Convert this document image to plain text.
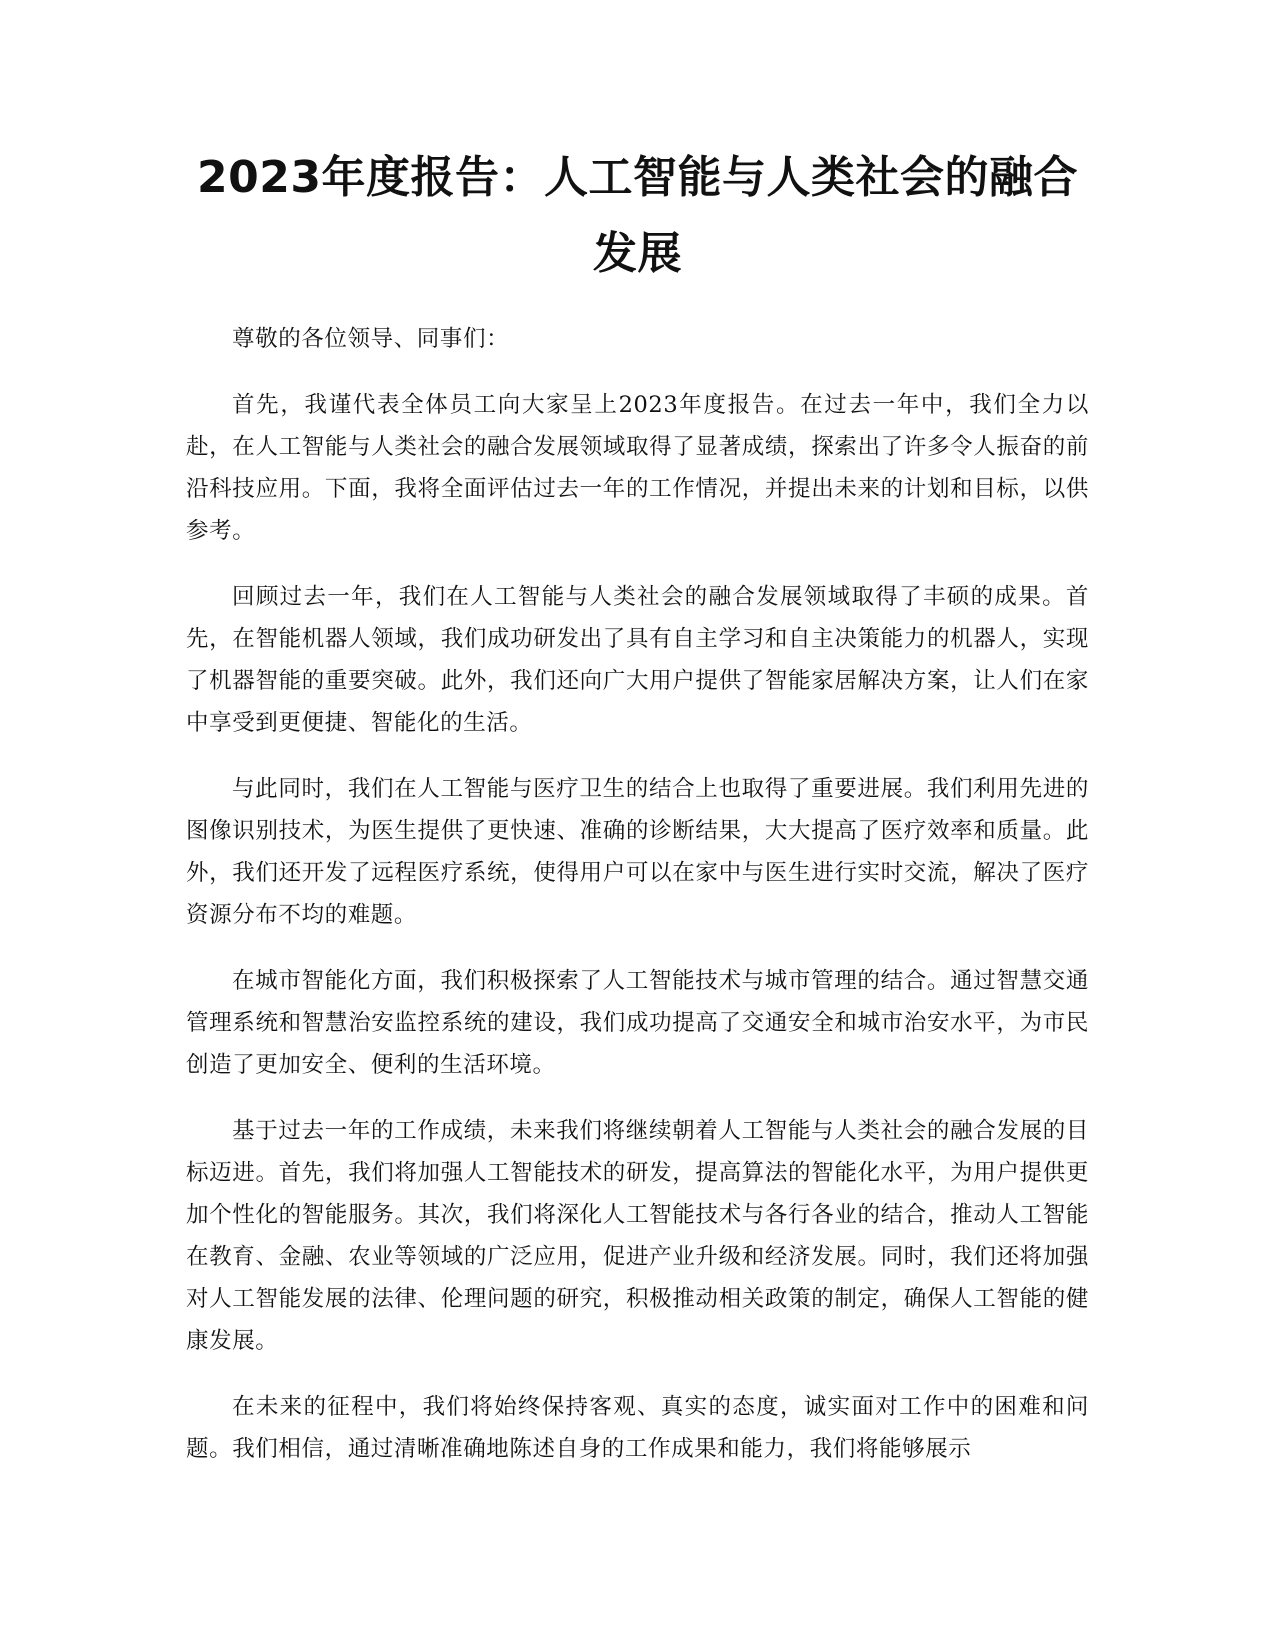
2023年度报告：人工智能与人类社会的融合发展

尊敬的各位领导、同事们：

首先，我谨代表全体员工向大家呈上2023年度报告。在过去一年中，我们全力以赴，在人工智能与人类社会的融合发展领域取得了显著成绩，探索出了许多令人振奋的前沿科技应用。下面，我将全面评估过去一年的工作情况，并提出未来的计划和目标，以供参考。

回顾过去一年，我们在人工智能与人类社会的融合发展领域取得了丰硕的成果。首先，在智能机器人领域，我们成功研发出了具有自主学习和自主决策能力的机器人，实现了机器智能的重要突破。此外，我们还向广大用户提供了智能家居解决方案，让人们在家中享受到更便捷、智能化的生活。

与此同时，我们在人工智能与医疗卫生的结合上也取得了重要进展。我们利用先进的图像识别技术，为医生提供了更快速、准确的诊断结果，大大提高了医疗效率和质量。此外，我们还开发了远程医疗系统，使得用户可以在家中与医生进行实时交流，解决了医疗资源分布不均的难题。

在城市智能化方面，我们积极探索了人工智能技术与城市管理的结合。通过智慧交通管理系统和智慧治安监控系统的建设，我们成功提高了交通安全和城市治安水平，为市民创造了更加安全、便利的生活环境。

基于过去一年的工作成绩，未来我们将继续朝着人工智能与人类社会的融合发展的目标迈进。首先，我们将加强人工智能技术的研发，提高算法的智能化水平，为用户提供更加个性化的智能服务。其次，我们将深化人工智能技术与各行各业的结合，推动人工智能在教育、金融、农业等领域的广泛应用，促进产业升级和经济发展。同时，我们还将加强对人工智能发展的法律、伦理问题的研究，积极推动相关政策的制定，确保人工智能的健康发展。

在未来的征程中，我们将始终保持客观、真实的态度，诚实面对工作中的困难和问题。我们相信，通过清晰准确地陈述自身的工作成果和能力，我们将能够展示
